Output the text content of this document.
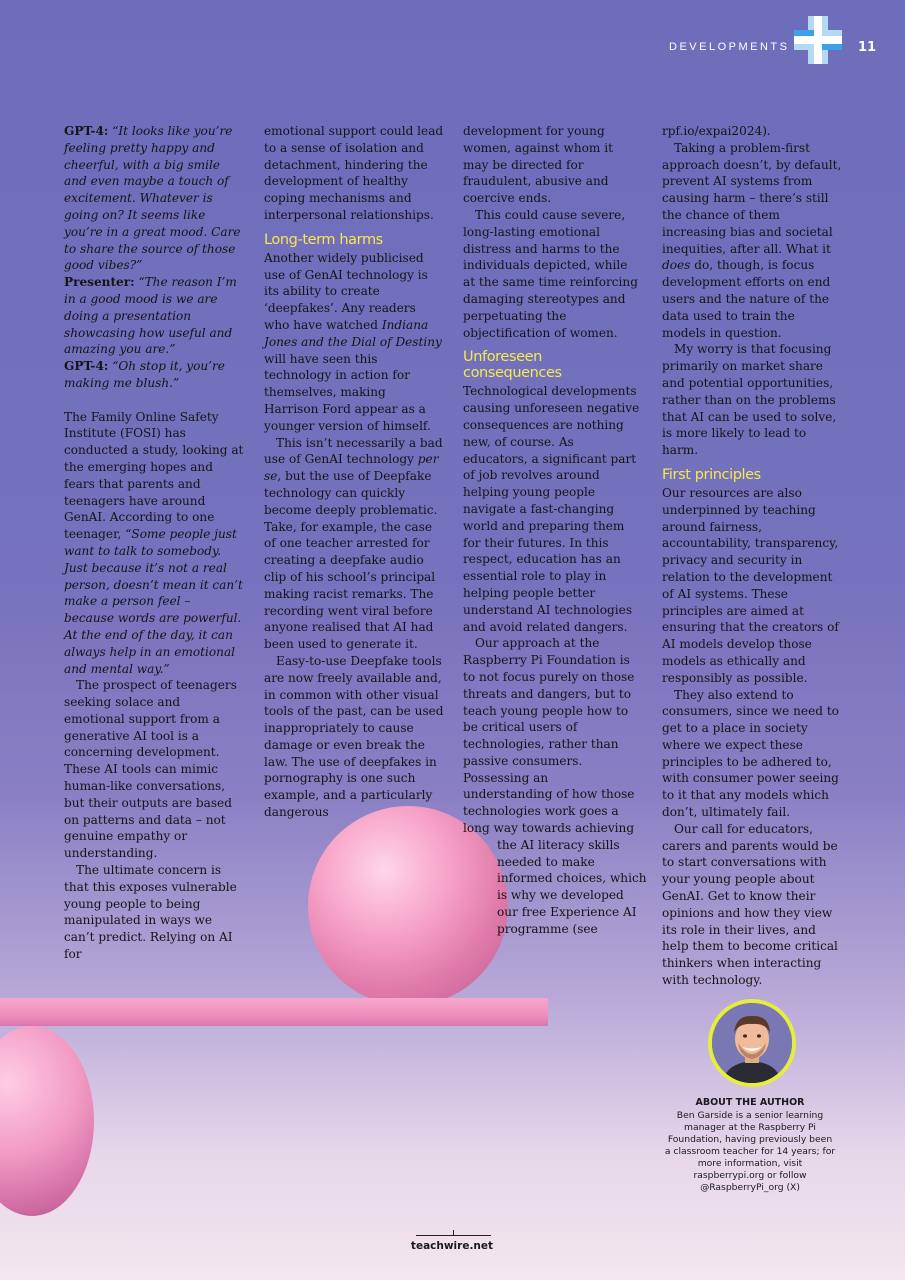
DEVELOPMENTS	11

GPT-4: “It looks like you’re feeling pretty happy and cheerful, with a big smile and even maybe a touch of excitement. Whatever is going on? It seems like you’re in a great mood. Care to share the source of those good vibes?”

Presenter: “The reason I’m in a good mood is we are doing a presentation showcasing how useful and amazing you are.”

GPT-4: “Oh stop it, you’re making me blush.”

The Family Online Safety Institute (FOSI) has conducted a study, looking at the emerging hopes and fears that parents and teenagers have around GenAI. According to one teenager, “Some people just want to talk to somebody. Just because it’s not a real person, doesn’t mean it can’t make a person feel – because words are powerful. At the end of the day, it can always help in an emotional and mental way.”

The prospect of teenagers seeking solace and emotional support from a generative AI tool is a concerning development. These AI tools can mimic human-like conversations, but their outputs are based on patterns and data – not genuine empathy or understanding.

The ultimate concern is that this exposes vulnerable young people to being manipulated in ways we can’t predict. Relying on AI for

emotional support could lead to a sense of isolation and detachment, hindering the development of healthy coping mechanisms and interpersonal relationships.

Long-term harms

Another widely publicised use of GenAI technology is its ability to create ‘deepfakes’. Any readers who have watched Indiana Jones and the Dial of Destiny will have seen this technology in action for themselves, making Harrison Ford appear as a younger version of himself.

This isn’t necessarily a bad use of GenAI technology per se, but the use of Deepfake technology can quickly become deeply problematic. Take, for example, the case of one teacher arrested for creating a deepfake audio clip of his school’s principal making racist remarks. The recording went viral before anyone realised that AI had been used to generate it.

Easy-to-use Deepfake tools are now freely available and, in common with other visual tools of the past, can be used inappropriately to cause damage or even break the law. The use of deepfakes in pornography is one such example, and a particularly dangerous

development for young women, against whom it may be directed for fraudulent, abusive and coercive ends.

This could cause severe, long-lasting emotional distress and harms to the individuals depicted, while at the same time reinforcing damaging stereotypes and perpetuating the objectification of women.

Unforeseen consequences

Technological developments causing unforeseen negative consequences are nothing new, of course. As educators, a significant part of job revolves around helping young people navigate a fast-changing world and preparing them for their futures. In this respect, education has an essential role to play in helping people better understand AI technologies and avoid related dangers.

Our approach at the Raspberry Pi Foundation is to not focus purely on those threats and dangers, but to teach young people how to be critical users of technologies, rather than passive consumers. Possessing an understanding of how those technologies work goes a long way towards achieving

the AI literacy skills needed to make informed choices, which is why we developed our free Experience AI programme (see

rpf.io/expai2024).

Taking a problem-first approach doesn’t, by default, prevent AI systems from causing harm – there’s still the chance of them increasing bias and societal inequities, after all. What it does do, though, is focus development efforts on end users and the nature of the data used to train the models in question.

My worry is that focusing primarily on market share and potential opportunities, rather than on the problems that AI can be used to solve, is more likely to lead to harm.

First principles

Our resources are also underpinned by teaching around fairness, accountability, transparency, privacy and security in relation to the development of AI systems. These principles are aimed at ensuring that the creators of AI models develop those models as ethically and responsibly as possible.

They also extend to consumers, since we need to get to a place in society where we expect these principles to be adhered to, with consumer power seeing to it that any models which don’t, ultimately fail.

Our call for educators, carers and parents would be to start conversations with your young people about GenAI. Get to know their opinions and how they view its role in their lives, and help them to become critical thinkers when interacting with technology.

ABOUT THE AUTHOR
Ben Garside is a senior learning manager at the Raspberry Pi Foundation, having previously been a classroom teacher for 14 years; for more information, visit raspberrypi.org or follow @RaspberryPi_org (X)
teachwire.net
